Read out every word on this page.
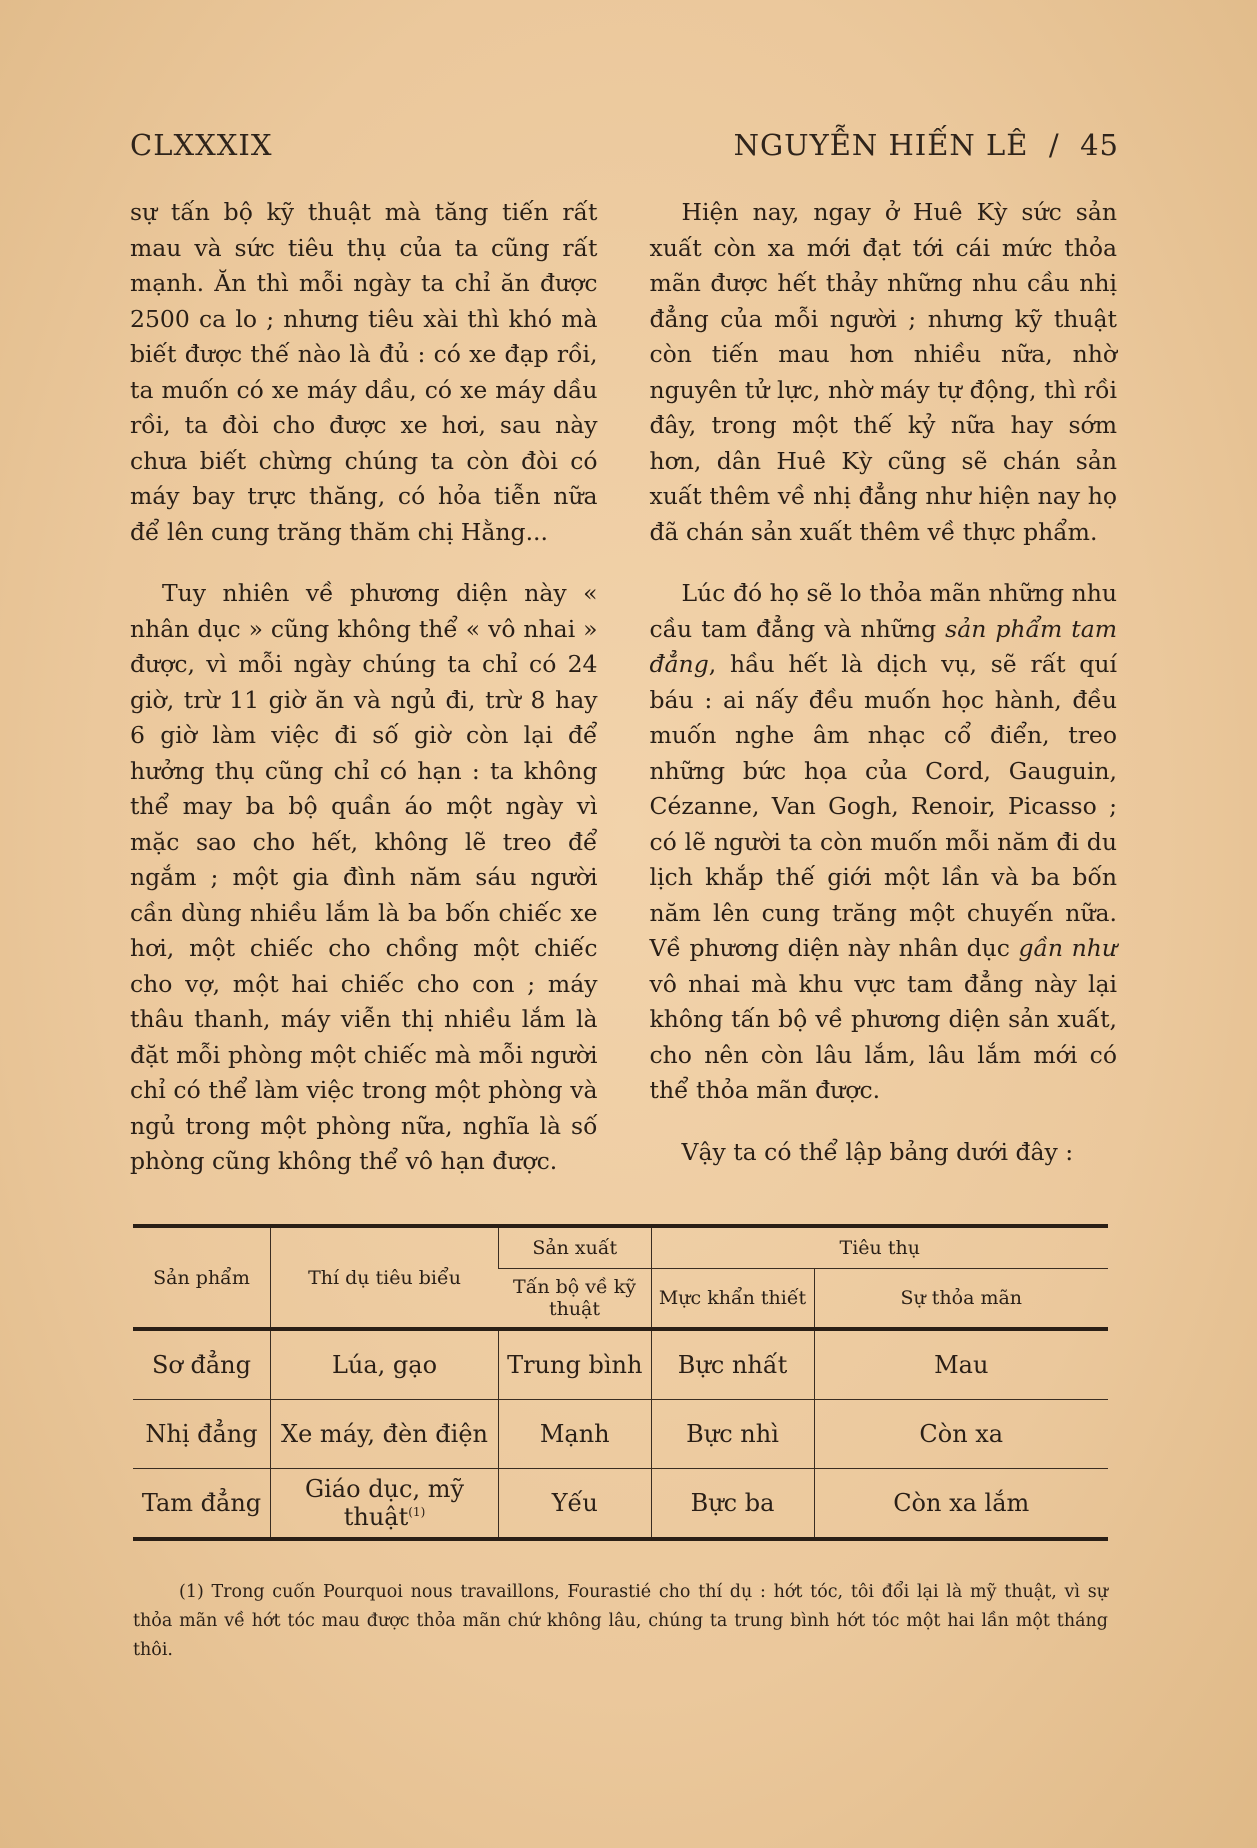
CLXXXIX	NGUYỄN HIẾN LÊ  /  45

sự tấn bộ kỹ thuật mà tăng tiến rất mau và sức tiêu thụ của ta cũng rất mạnh. Ăn thì mỗi ngày ta chỉ ăn được 2500 ca lo ; nhưng tiêu xài thì khó mà biết được thế nào là đủ : có xe đạp rồi, ta muốn có xe máy dầu, có xe máy dầu rồi, ta đòi cho được xe hơi, sau này chưa biết chừng chúng ta còn đòi có máy bay trực thăng, có hỏa tiễn nữa để lên cung trăng thăm chị Hằng...

Tuy nhiên về phương diện này « nhân dục » cũng không thể « vô nhai » được, vì mỗi ngày chúng ta chỉ có 24 giờ, trừ 11 giờ ăn và ngủ đi, trừ 8 hay 6 giờ làm việc đi số giờ còn lại để hưởng thụ cũng chỉ có hạn : ta không thể may ba bộ quần áo một ngày vì mặc sao cho hết, không lẽ treo để ngắm ; một gia đình năm sáu người cần dùng nhiều lắm là ba bốn chiếc xe hơi, một chiếc cho chồng một chiếc cho vợ, một hai chiếc cho con ; máy thâu thanh, máy viễn thị nhiều lắm là đặt mỗi phòng một chiếc mà mỗi người chỉ có thể làm việc trong một phòng và ngủ trong một phòng nữa, nghĩa là số phòng cũng không thể vô hạn được.

Hiện nay, ngay ở Huê Kỳ sức sản xuất còn xa mới đạt tới cái mức thỏa mãn được hết thảy những nhu cầu nhị đẳng của mỗi người ; nhưng kỹ thuật còn tiến mau hơn nhiều nữa, nhờ nguyên tử lực, nhờ máy tự động, thì rồi đây, trong một thế kỷ nữa hay sớm hơn, dân Huê Kỳ cũng sẽ chán sản xuất thêm về nhị đẳng như hiện nay họ đã chán sản xuất thêm về thực phẩm.

Lúc đó họ sẽ lo thỏa mãn những nhu cầu tam đẳng và những sản phẩm tam đẳng, hầu hết là dịch vụ, sẽ rất quí báu : ai nấy đều muốn học hành, đều muốn nghe âm nhạc cổ điển, treo những bức họa của Cord, Gauguin, Cézanne, Van Gogh, Renoir, Picasso ; có lẽ người ta còn muốn mỗi năm đi du lịch khắp thế giới một lần và ba bốn năm lên cung trăng một chuyến nữa. Về phương diện này nhân dục gần như vô nhai mà khu vực tam đẳng này lại không tấn bộ về phương diện sản xuất, cho nên còn lâu lắm, lâu lắm mới có thể thỏa mãn được.

Vậy ta có thể lập bảng dưới đây :

Sản phẩm	Thí dụ tiêu biểu	Sản xuất	Tiêu thụ	
		Tấn bộ về kỹ thuật	Mực khẩn thiết	Sự thỏa mãn
Sơ đẳng	Lúa, gạo	Trung bình	Bực nhất	Mau
Nhị đẳng	Xe máy, đèn điện	Mạnh	Bực nhì	Còn xa
Tam đẳng	Giáo dục, mỹ thuật$^{(1)}$	Yếu	Bực ba	Còn xa lắm
(1) Trong cuốn Pourquoi nous travaillons, Fourastié cho thí dụ : hớt tóc, tôi đổi lại là mỹ thuật, vì sự thỏa mãn về hớt tóc mau được thỏa mãn chứ không lâu, chúng ta trung bình hớt tóc một hai lần một tháng thôi.
